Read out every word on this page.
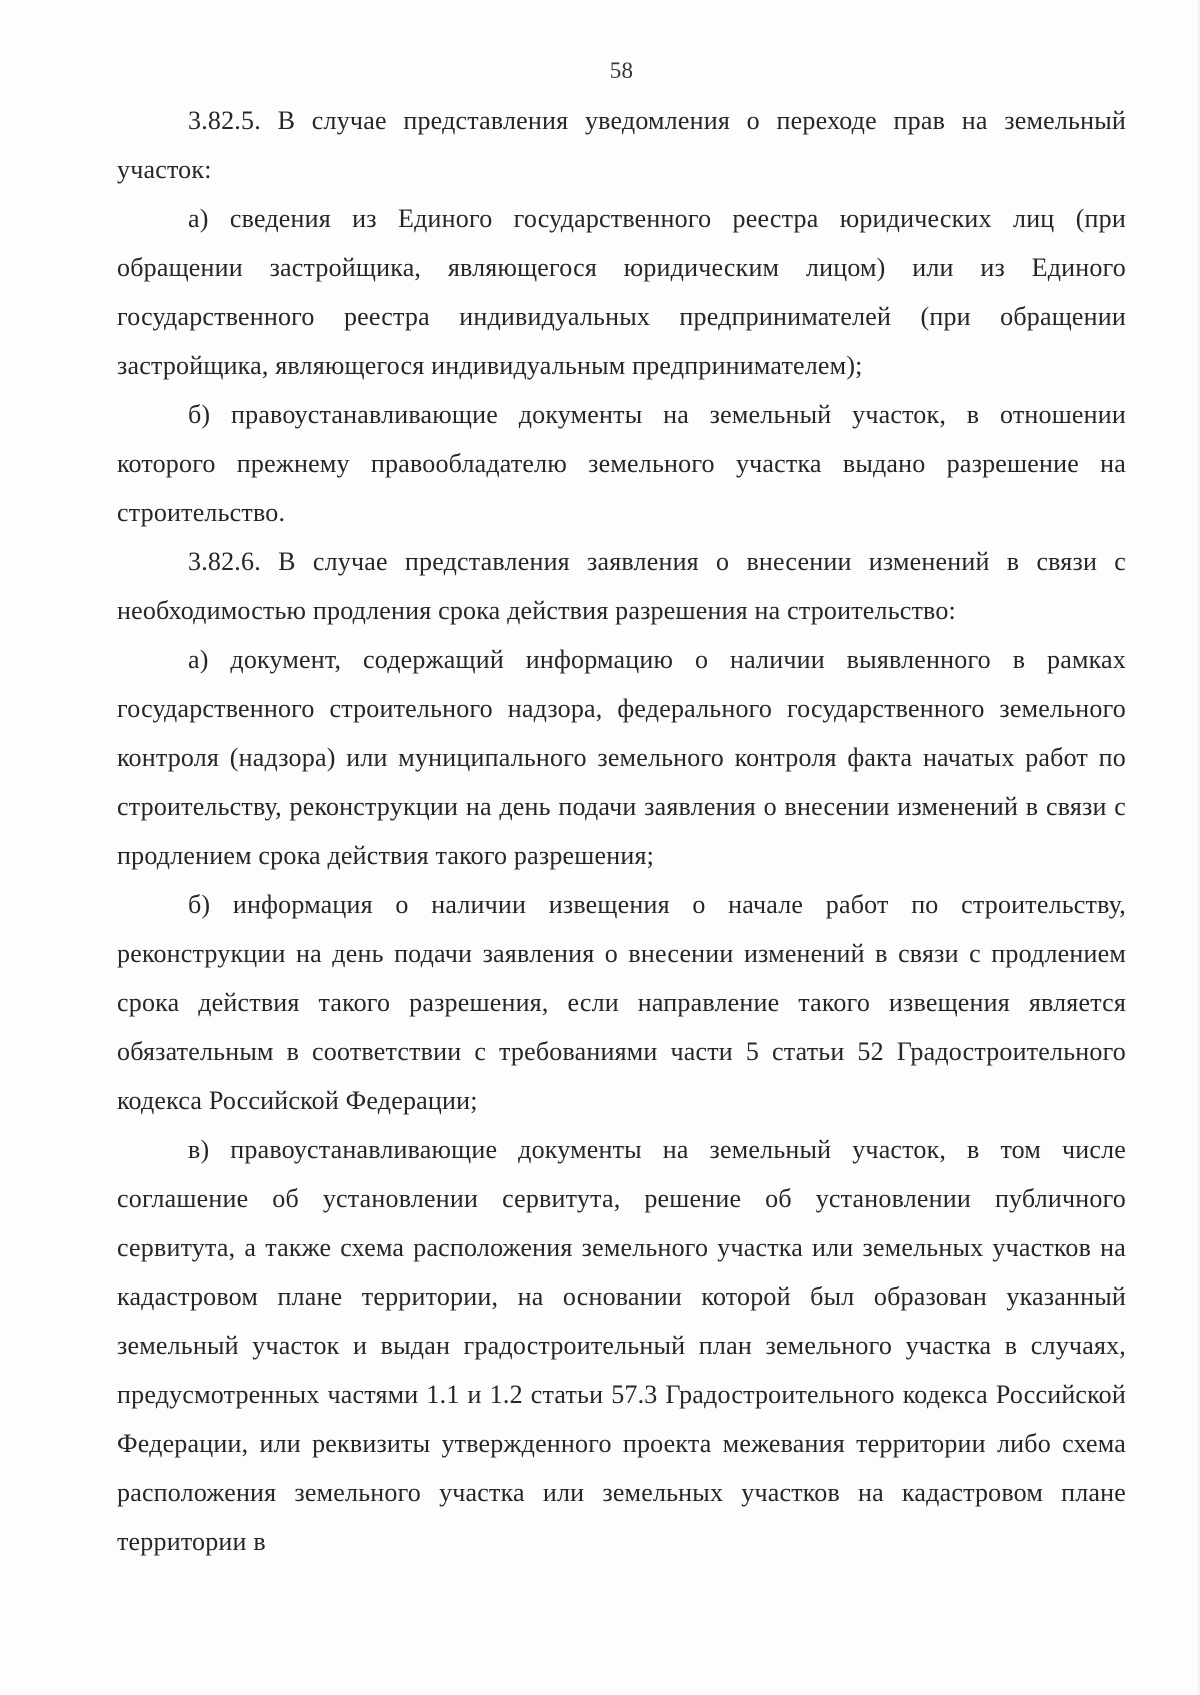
58

3.82.5. В случае представления уведомления о переходе прав на земельный участок:

а) сведения из Единого государственного реестра юридических лиц (при обращении застройщика, являющегося юридическим лицом) или из Единого государственного реестра индивидуальных предпринимателей (при обращении застройщика, являющегося индивидуальным предпринимателем);

б) правоустанавливающие документы на земельный участок, в отношении которого прежнему правообладателю земельного участка выдано разрешение на строительство.

3.82.6. В случае представления заявления о внесении изменений в связи с необходимостью продления срока действия разрешения на строительство:

а) документ, содержащий информацию о наличии выявленного в рамках государственного строительного надзора, федерального государственного земельного контроля (надзора) или муниципального земельного контроля факта начатых работ по строительству, реконструкции на день подачи заявления о внесении изменений в связи с продлением срока действия такого разрешения;

б) информация о наличии извещения о начале работ по строительству, реконструкции на день подачи заявления о внесении изменений в связи с продлением срока действия такого разрешения, если направление такого извещения является обязательным в соответствии с требованиями части 5 статьи 52 Градостроительного кодекса Российской Федерации;

в) правоустанавливающие документы на земельный участок, в том числе соглашение об установлении сервитута, решение об установлении публичного сервитута, а также схема расположения земельного участка или земельных участков на кадастровом плане территории, на основании которой был образован указанный земельный участок и выдан градостроительный план земельного участка в случаях, предусмотренных частями 1.1 и 1.2 статьи 57.3 Градостроительного кодекса Российской Федерации, или реквизиты утвержденного проекта межевания территории либо схема расположения земельного участка или земельных участков на кадастровом плане территории в
